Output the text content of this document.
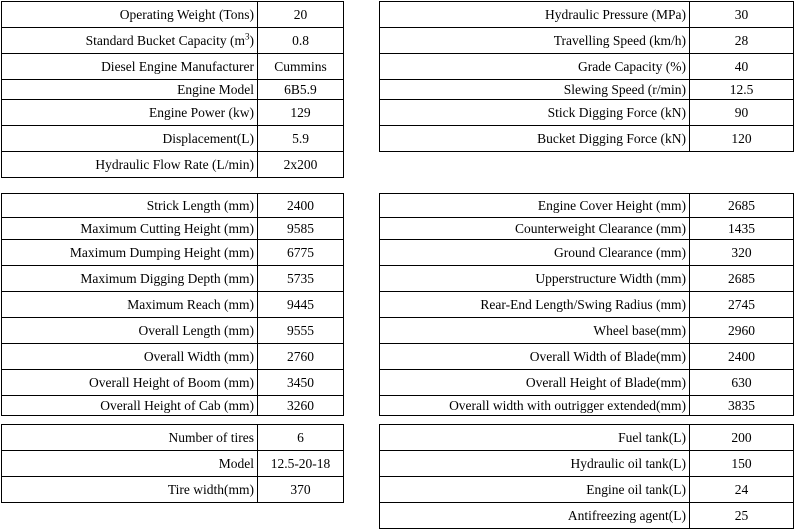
Operating Weight (Tons)	20
Standard Bucket Capacity $(m^3)$	0.8
Diesel Engine Manufacturer	Cummins
Engine Model	6B5.9
Engine Power (kw)	129
Displacement(L)	5.9
Hydraulic Flow Rate (L/min)	2x200
Hydraulic Pressure (MPa)	30
Travelling Speed (km/h)	28
Grade Capacity (%)	40
Slewing Speed (r/min)	12.5
Stick Digging Force (kN)	90
Bucket Digging Force (kN)	120
Strick Length (mm)	2400
Maximum Cutting Height (mm)	9585
Maximum Dumping Height (mm)	6775
Maximum Digging Depth (mm)	5735
Maximum Reach (mm)	9445
Overall Length (mm)	9555
Overall Width (mm)	2760
Overall Height of Boom (mm)	3450
Overall Height of Cab (mm)	3260
Engine Cover Height (mm)	2685
Counterweight Clearance (mm)	1435
Ground Clearance (mm)	320
Upperstructure Width (mm)	2685
Rear-End Length/Swing Radius (mm)	2745
Wheel base(mm)	2960
Overall Width of Blade(mm)	2400
Overall Height of Blade(mm)	630
Overall width with outrigger extended(mm)	3835
Number of tires	6
Model	12.5-20-18
Tire width(mm)	370
Fuel tank(L)	200
Hydraulic oil tank(L)	150
Engine oil tank(L)	24
Antifreezing agent(L)	25
